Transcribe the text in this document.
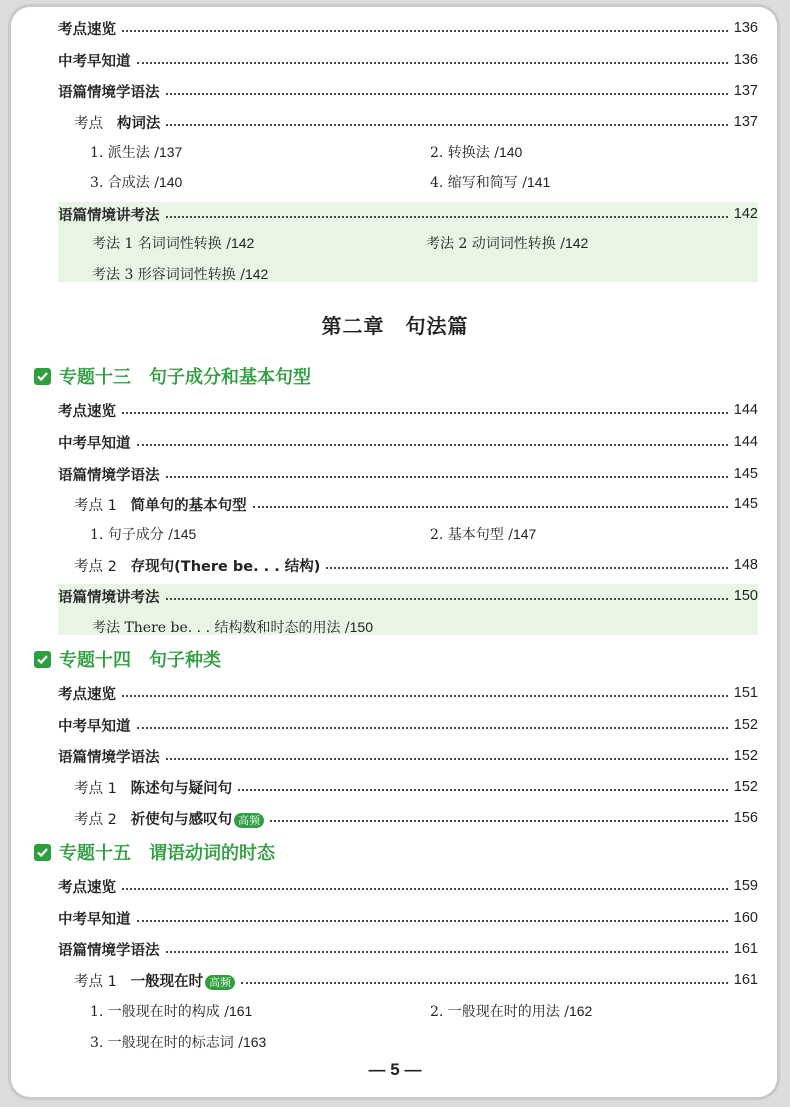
考点速览	136
中考早知道	136
语篇情境学语法	137
考点 构词法	137
1. 派生法 / 137	2. 转换法 / 140
3. 合成法 / 140	4. 缩写和简写 / 141
语篇情境讲考法	142
考法 1 名词词性转换 / 142	考法 2 动词词性转换 / 142
考法 3 形容词词性转换 / 142
第二章　句法篇
专题十三　句子成分和基本句型
考点速览	144
中考早知道	144
语篇情境学语法	145
考点 1 简单句的基本句型	145
1. 句子成分 / 145	2. 基本句型 / 147
考点 2 存现句(There be. . . 结构)	148
语篇情境讲考法	150
考法 There be. . . 结构数和时态的用法 / 150
专题十四　句子种类
考点速览	151
中考早知道	152
语篇情境学语法	152
考点 1 陈述句与疑问句	152
考点 2 祈使句与感叹句 高频	156
专题十五　谓语动词的时态
考点速览	159
中考早知道	160
语篇情境学语法	161
考点 1 一般现在时 高频	161
1. 一般现在时的构成 / 161	2. 一般现在时的用法 / 162
3. 一般现在时的标志词 / 163
— 5 —
